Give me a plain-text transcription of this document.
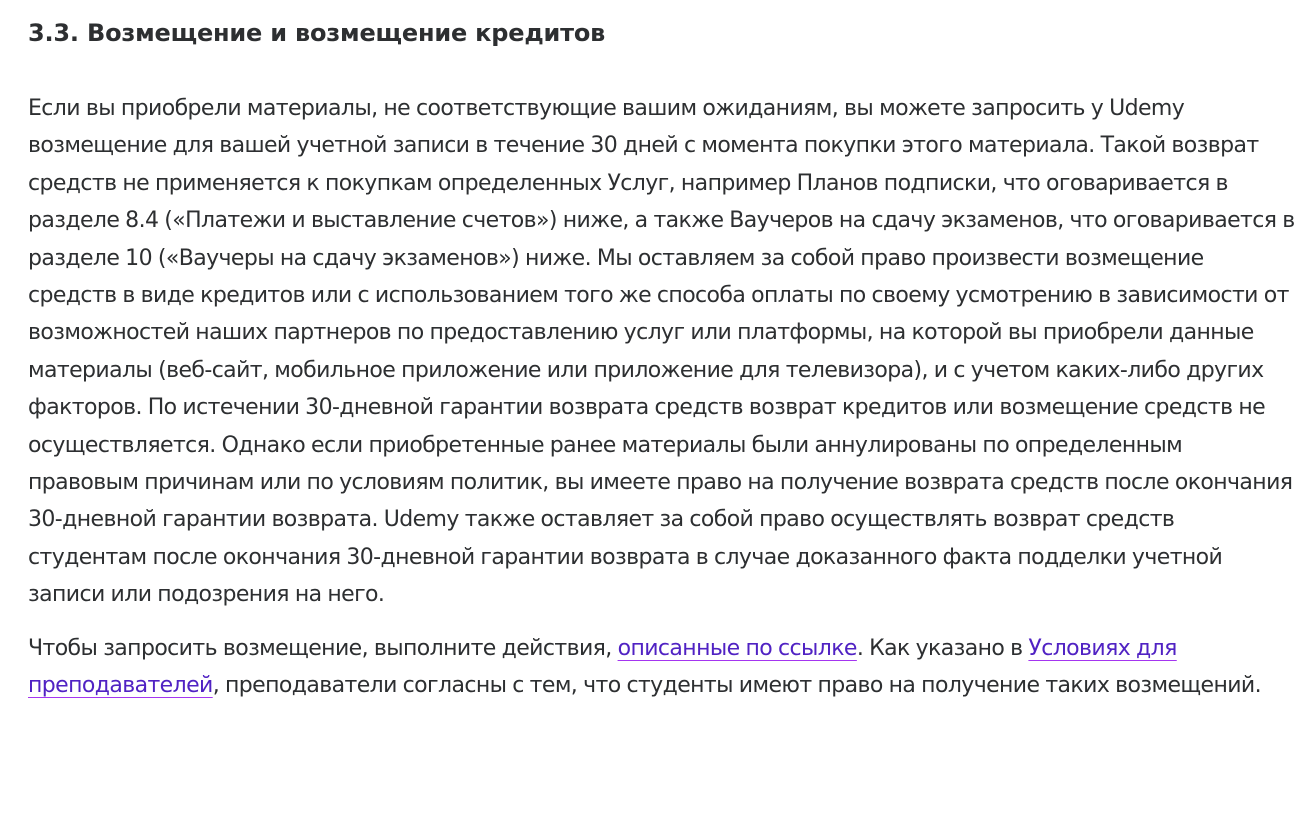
3.3. Возмещение и возмещение кредитов

Если вы приобрели материалы, не соответствующие вашим ожиданиям, вы можете запросить у Udemy возмещение для вашей учетной записи в течение 30 дней с момента покупки этого материала. Такой возврат средств не применяется к покупкам определенных Услуг, например Планов подписки, что оговаривается в разделе 8.4 («Платежи и выставление счетов») ниже, а также Ваучеров на сдачу экзаменов, что оговаривается в разделе 10 («Ваучеры на сдачу экзаменов») ниже. Мы оставляем за собой право произвести возмещение средств в виде кредитов или с использованием того же способа оплаты по своему усмотрению в зависимости от возможностей наших партнеров по предоставлению услуг или платформы, на которой вы приобрели данные материалы (веб-сайт, мобильное приложение или приложение для телевизора), и с учетом каких-либо других факторов. По истечении 30-дневной гарантии возврата средств возврат кредитов или возмещение средств не осуществляется. Однако если приобретенные ранее материалы были аннулированы по определенным правовым причинам или по условиям политик, вы имеете право на получение возврата средств после окончания 30-дневной гарантии возврата. Udemy также оставляет за собой право осуществлять возврат средств студентам после окончания 30-дневной гарантии возврата в случае доказанного факта подделки учетной записи или подозрения на него.

Чтобы запросить возмещение, выполните действия, описанные по ссылке. Как указано в Условиях для преподавателей, преподаватели согласны с тем, что студенты имеют право на получение таких возмещений.
